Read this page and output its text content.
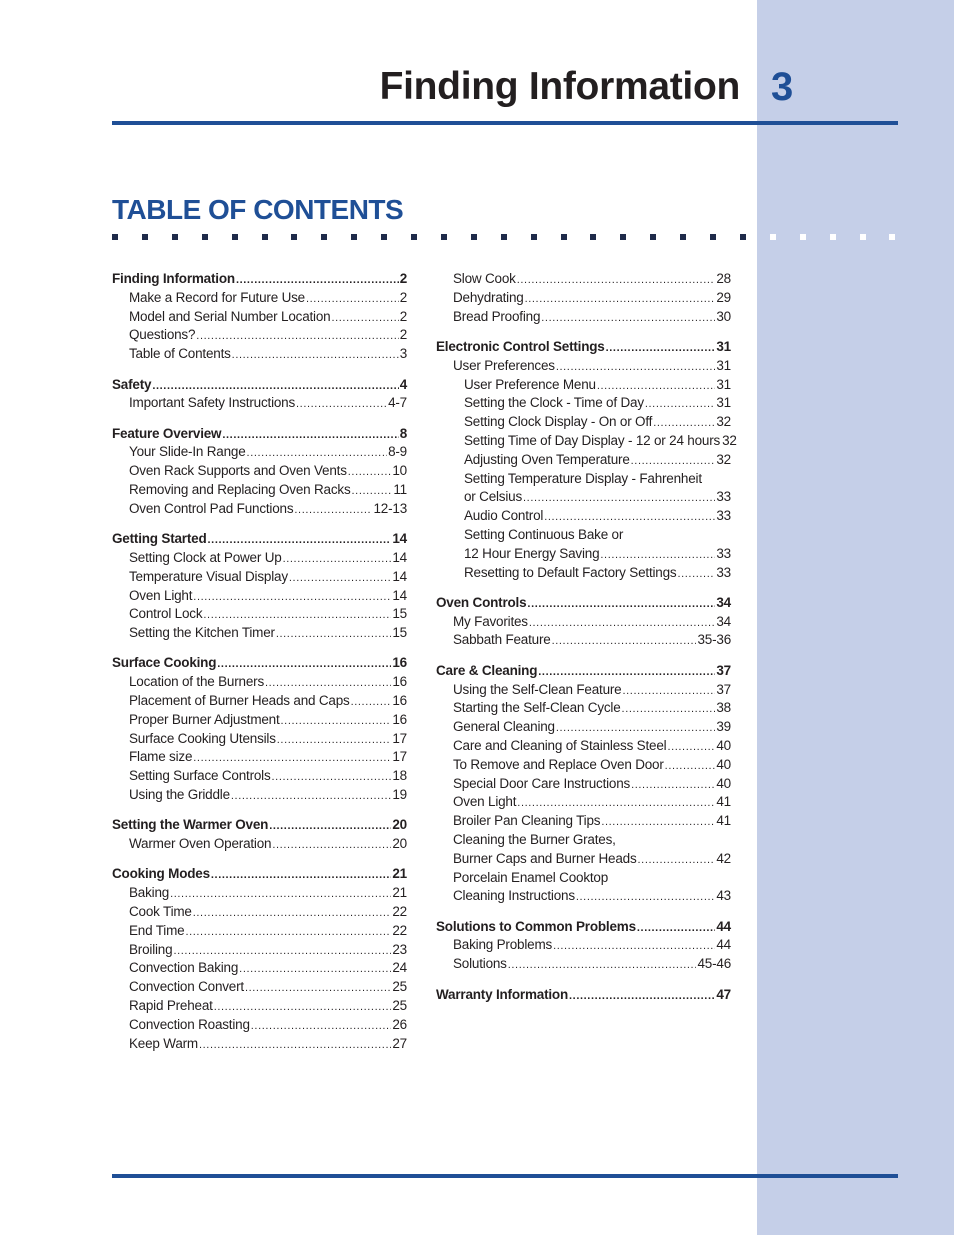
Finding Information 3
TABLE OF CONTENTS
Finding Information .....	2
Make a Record for Future Use .....	2
Model and Serial Number Location .....	2
Questions? .....	2
Table of Contents .....	3
Safety .....	4
Important Safety Instructions .....	4-7
Feature Overview .....	8
Your Slide-In Range .....	8-9
Oven Rack Supports and Oven Vents .....	10
Removing and Replacing Oven Racks .....	11
Oven Control Pad Functions .....	12-13
Getting Started .....	14
Setting Clock at Power Up .....	14
Temperature Visual Display .....	14
Oven Light .....	14
Control Lock .....	15
Setting the Kitchen Timer .....	15
Surface Cooking .....	16
Location of the Burners .....	16
Placement of Burner Heads and Caps .....	16
Proper Burner Adjustment .....	16
Surface Cooking Utensils .....	17
Flame size .....	17
Setting Surface Controls .....	18
Using the Griddle .....	19
Setting the Warmer Oven .....	20
Warmer Oven Operation .....	20
Cooking Modes .....	21
Baking .....	21
Cook Time .....	22
End Time .....	22
Broiling .....	23
Convection Baking .....	24
Convection Convert .....	25
Rapid Preheat .....	25
Convection Roasting .....	26
Keep Warm .....	27
Slow Cook .....	28
Dehydrating .....	29
Bread Proofing .....	30
Electronic Control Settings .....	31
User Preferences .....	31
User Preference Menu .....	31
Setting the Clock - Time of Day .....	31
Setting Clock Display - On or Off .....	32
Setting Time of Day Display - 12 or 24 hours 32
Adjusting Oven Temperature .....	32
Setting Temperature Display - Fahrenheit
or Celsius .....	33
Audio Control .....	33
Setting Continuous Bake or
12 Hour Energy Saving .....	33
Resetting to Default Factory Settings .....	33
Oven Controls .....	34
My Favorites .....	34
Sabbath Feature .....	35-36
Care & Cleaning .....	37
Using the Self-Clean Feature .....	37
Starting the Self-Clean Cycle .....	38
General Cleaning .....	39
Care and Cleaning of Stainless Steel .....	40
To Remove and Replace Oven Door .....	40
Special Door Care Instructions .....	40
Oven Light .....	41
Broiler Pan Cleaning Tips .....	41
Cleaning the Burner Grates,
Burner Caps and Burner Heads .....	42
Porcelain Enamel Cooktop
Cleaning Instructions .....	43
Solutions to Common Problems .....	44
Baking Problems .....	44
Solutions .....	45-46
Warranty Information .....	47
